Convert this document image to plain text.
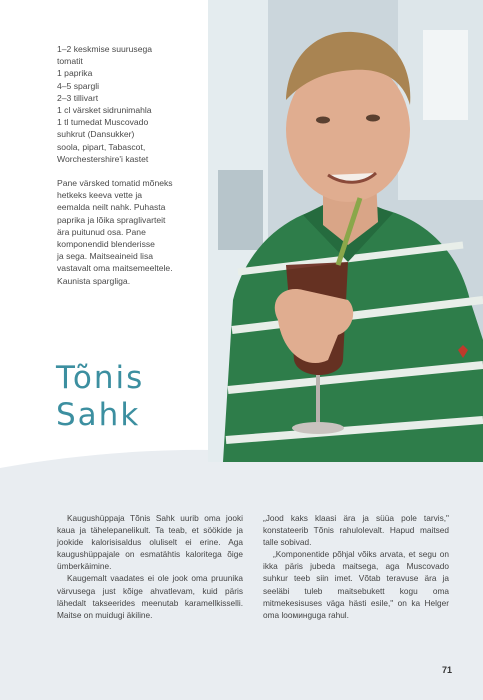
1–2 keskmise suurusega
tomatit
1 paprika
4–5 spargli
2–3 tillivart
1 cl värsket sidrunimahla
1 tl tumedat Muscovado
suhkrut (Dansukker)
soola, pipart, Tabascot,
Worchestershire'i kastet
Pane värsked tomatid mõneks
hetkeks keeva vette ja
eemalda neilt nahk. Puhasta
paprika ja lõika spraglivarteit
ära puitunud osa. Pane
komponendid blenderisse
ja sega. Maitseaineid lisa
vastavalt oma maitsemeeltele.
Kaunista spargliga.
Tõnis
Sahk

Kaugushüppaja Tõnis Sahk uurib oma jooki kaua ja tähelepanelikult. Ta teab, et söökide ja jookide kalorisisaldus oluliselt ei erine. Aga kaugushüppajale on esmatähtis kaloritega õige ümberkäimine.

Kaugemalt vaadates ei ole jook oma pruunika värvusega just kõige ahvatlevam, kuid päris lähedalt takseerides meenutab karamellkisselli. Maitse on muidugi äkiline.

„Jood kaks klaasi ära ja süüa pole tarvis," konstateerib Tõnis rahulolevalt. Hapud maitsed talle sobivad.

„Komponentide põhjal võiks arvata, et segu on ikka päris jubeda maitsega, aga Muscovado suhkur teeb siin imet. Võtab teravuse ära ja seeläbi tuleb maitsebukett kogu oma mitmekesisuses väga hästi esile," on ka Helger oma looминguga rahul.

71
